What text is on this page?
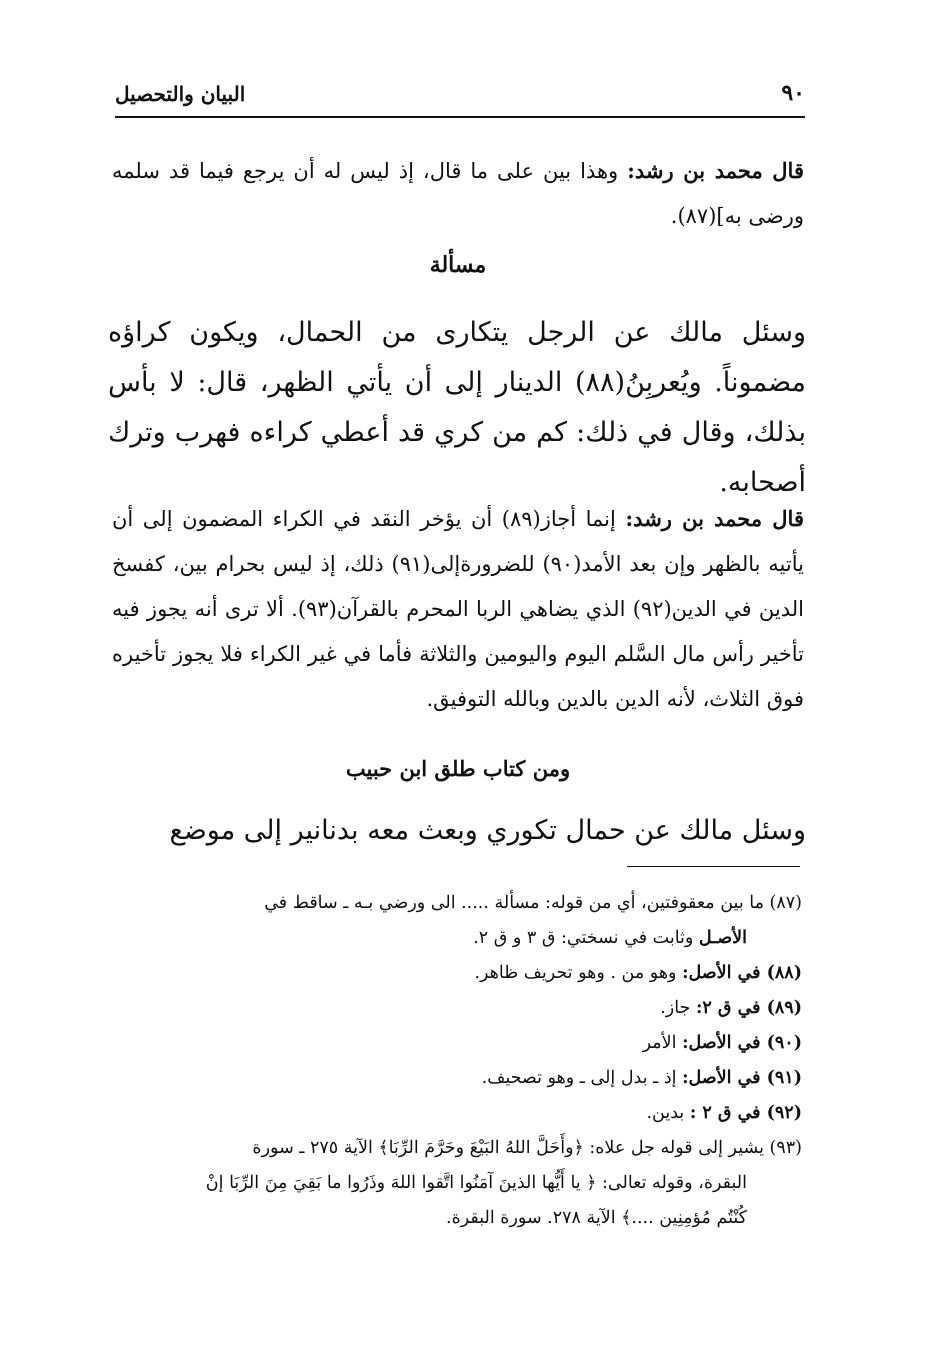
٩٠
البيان والتحصيل
قال محمد بن رشد: وهذا بين على ما قال، إذ ليس له أن يرجع فيما قد سلمه ورضى به](٨٧).
مسألة
وسئل مالك عن الرجل يتكارى من الحمال، ويكون كراؤه مضموناً. ويُعربِنُ(٨٨) الدينار إلى أن يأتي الظهر، قال: لا بأس بذلك، وقال في ذلك: كم من كري قد أعطي كراءه فهرب وترك أصحابه.
قال محمد بن رشد: إنما أجاز(٨٩) أن يؤخر النقد في الكراء المضمون إلى أن يأتيه بالظهر وإن بعد الأمد(٩٠) للضرورةإلى(٩١) ذلك، إذ ليس بحرام بين، كفسخ الدين في الدين(٩٢) الذي يضاهي الربا المحرم بالقرآن(٩٣). ألا ترى أنه يجوز فيه تأخير رأس مال السَّلم اليوم واليومين والثلاثة فأما في غير الكراء فلا يجوز تأخيره فوق الثلاث، لأنه الدين بالدين وبالله التوفيق.
ومن كتاب طلق ابن حبيب
وسئل مالك عن حمال تكوري وبعث معه بدنانير إلى موضع
(٨٧) ما بين معقوفتين، أي من قوله: مسألة ..... الى ورضي بـه ـ ساقط في
الأصـل وثابت في نسختي: ق ٣ و ق ٢.
(٨٨) في الأصل: وهو من . وهو تحريف ظاهر.
(٨٩) في ق ٢: جاز.
(٩٠) في الأصل: الأمر
(٩١) في الأصل: إذ ـ بدل إلى ـ وهو تصحيف.
(٩٢) في ق ٢ : بدين.
(٩٣) يشير إلى قوله جل علاه: ﴿وأَحَلَّ اللهُ البَيْعَ وحَرَّمَ الرِّبَا﴾ الآية ٢٧٥ ـ سورة
البقرة، وقوله تعالى: ﴿ يا أَيُّها الذينَ آمَنُوا اتَّقوا اللهَ وذَرُوا ما بَقِيَ مِنَ الرِّبَا إنْ
كُنْتُم مُؤمِنِين ....﴾ الآية ٢٧٨. سورة البقرة.
